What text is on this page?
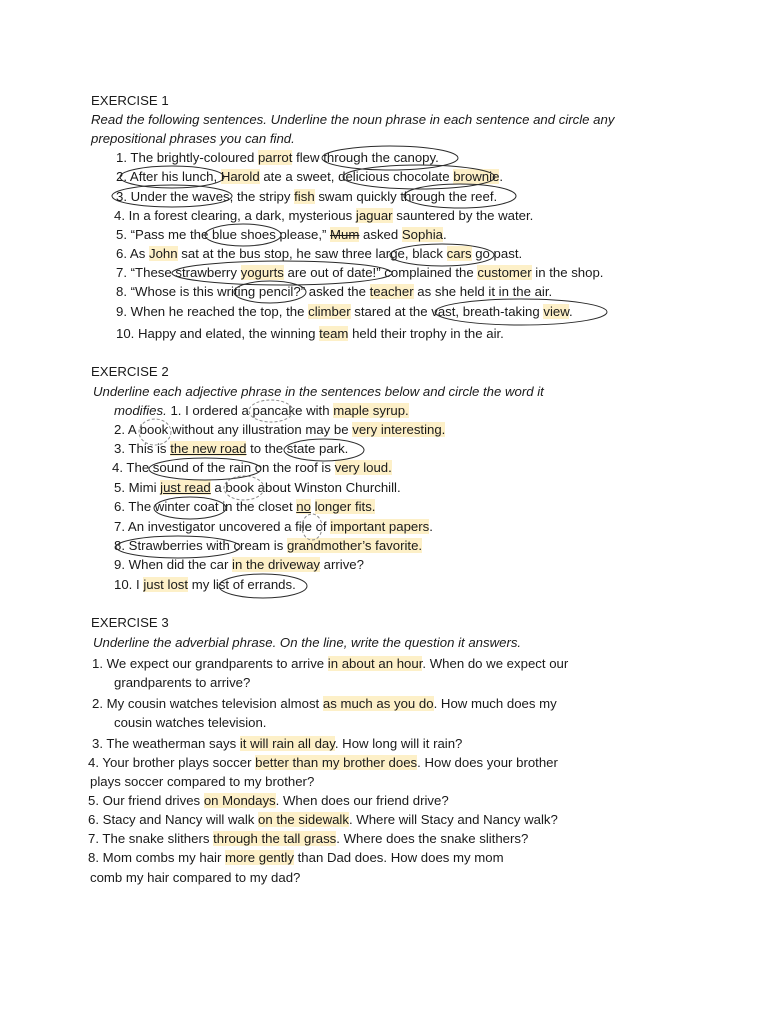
EXERCISE 1
Read the following sentences. Underline the noun phrase in each sentence and circle any
prepositional phrases you can find.
1. The brightly-coloured parrot flew through the canopy.
2. After his lunch, Harold ate a sweet, delicious chocolate brownie.
3. Under the waves, the stripy fish swam quickly through the reef.
4. In a forest clearing, a dark, mysterious jaguar sauntered by the water.
5. “Pass me the blue shoes please,” Mum asked Sophia.
6. As John sat at the bus stop, he saw three large, black cars go past.
7. “These strawberry yogurts are out of date!” complained the customer in the shop.
8. “Whose is this writing pencil?” asked the teacher as she held it in the air.
9. When he reached the top, the climber stared at the vast, breath-taking view.
10. Happy and elated, the winning team held their trophy in the air.
EXERCISE 2
Underline each adjective phrase in the sentences below and circle the word it
modifies. 1. I ordered a pancake with maple syrup.
2. A book without any illustration may be very interesting.
3. This is the new road to the state park.
4. The sound of the rain on the roof is very loud.
5. Mimi just read a book about Winston Churchill.
6. The winter coat in the closet no longer fits.
7. An investigator uncovered a file of important papers.
8. Strawberries with cream is grandmother’s favorite.
9. When did the car in the driveway arrive?
10. I just lost my list of errands.
EXERCISE 3
Underline the adverbial phrase. On the line, write the question it answers.
1. We expect our grandparents to arrive in about an hour. When do we expect our
grandparents to arrive?
2. My cousin watches television almost as much as you do. How much does my
cousin watches television.
3. The weatherman says it will rain all day. How long will it rain?
4. Your brother plays soccer better than my brother does. How does your brother
plays soccer compared to my brother?
5. Our friend drives on Mondays. When does our friend drive?
6. Stacy and Nancy will walk on the sidewalk. Where will Stacy and Nancy walk?
7. The snake slithers through the tall grass. Where does the snake slithers?
8. Mom combs my hair more gently than Dad does. How does my mom
comb my hair compared to my dad?
